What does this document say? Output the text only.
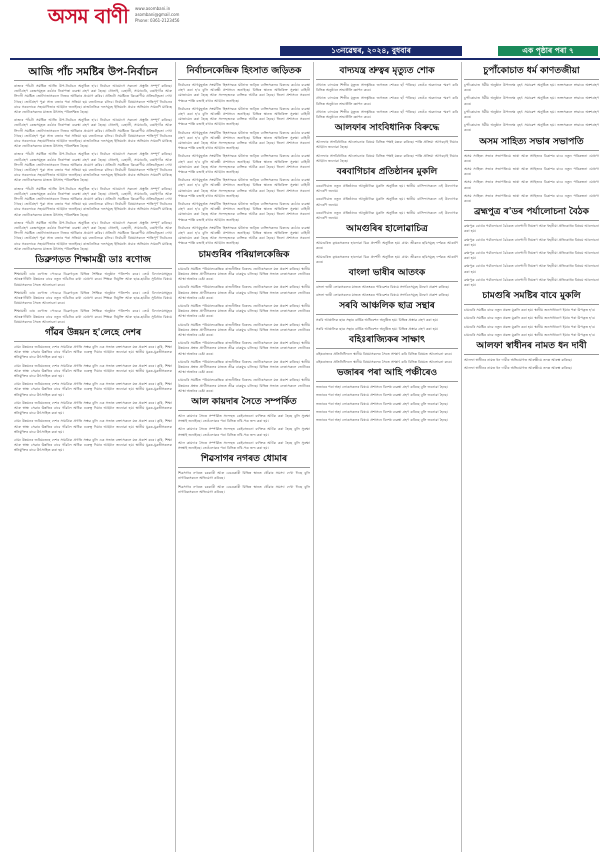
অসম বাণী www.asombani.in
asombani@gmail.com
Phone: 0361-2123456
১৩নৱেম্বৰ, ২০২৪, বুধবাৰ	এক পৃষ্ঠাৰ পৰা ৭
আজি পাঁচ সমষ্টিৰ উপ-নিৰ্বাচন

ৰাজ্যৰ পাঁচটা সমষ্টিত আজি উপ-নিৰ্বাচন অনুষ্ঠিত হ'ব। নিৰ্বাচন আয়োগে সকলো প্ৰস্তুতি সম্পূৰ্ণ কৰিছে। ভোটগ্ৰহণ কেন্দ্ৰসমূহত কঠোৰ নিৰাপত্তা ব্যৱস্থা গ্ৰহণ কৰা হৈছে। ধোলাই, বেহালী, সামাগুৰি, বঙাইগাঁও আৰু সিদলী সমষ্টিত ভোটদাতাসকলে নিজৰ অধিকাৰ প্ৰয়োগ কৰিব। প্ৰতিটো সমষ্টিতে ত্ৰিকোণীয় প্ৰতিদ্বন্দ্বিতা দেখা গৈছে। ভোটগ্ৰহণ পুৱা সাত বজাৰ পৰা সন্ধিয়া ছয় বজালৈকে চলিব। নিৰ্বাচনী বিষয়াসকলে শান্তিপূৰ্ণ নিৰ্বাচনৰ বাবে সকলোকে সহযোগিতাৰ আহ্বান জনাইছে। ৰাজনৈতিক দলসমূহে ইতিমধ্যে প্ৰচাৰ অভিযান সামৰণি মাৰিছে আৰু ভোটাৰসকলৰ মাজত উৎসাহ পৰিলক্ষিত হৈছে।

ৰাজ্যৰ পাঁচটা সমষ্টিত আজি উপ-নিৰ্বাচন অনুষ্ঠিত হ'ব। নিৰ্বাচন আয়োগে সকলো প্ৰস্তুতি সম্পূৰ্ণ কৰিছে। ভোটগ্ৰহণ কেন্দ্ৰসমূহত কঠোৰ নিৰাপত্তা ব্যৱস্থা গ্ৰহণ কৰা হৈছে। ধোলাই, বেহালী, সামাগুৰি, বঙাইগাঁও আৰু সিদলী সমষ্টিত ভোটদাতাসকলে নিজৰ অধিকাৰ প্ৰয়োগ কৰিব। প্ৰতিটো সমষ্টিতে ত্ৰিকোণীয় প্ৰতিদ্বন্দ্বিতা দেখা গৈছে। ভোটগ্ৰহণ পুৱা সাত বজাৰ পৰা সন্ধিয়া ছয় বজালৈকে চলিব। নিৰ্বাচনী বিষয়াসকলে শান্তিপূৰ্ণ নিৰ্বাচনৰ বাবে সকলোকে সহযোগিতাৰ আহ্বান জনাইছে। ৰাজনৈতিক দলসমূহে ইতিমধ্যে প্ৰচাৰ অভিযান সামৰণি মাৰিছে আৰু ভোটাৰসকলৰ মাজত উৎসাহ পৰিলক্ষিত হৈছে।

ৰাজ্যৰ পাঁচটা সমষ্টিত আজি উপ-নিৰ্বাচন অনুষ্ঠিত হ'ব। নিৰ্বাচন আয়োগে সকলো প্ৰস্তুতি সম্পূৰ্ণ কৰিছে। ভোটগ্ৰহণ কেন্দ্ৰসমূহত কঠোৰ নিৰাপত্তা ব্যৱস্থা গ্ৰহণ কৰা হৈছে। ধোলাই, বেহালী, সামাগুৰি, বঙাইগাঁও আৰু সিদলী সমষ্টিত ভোটদাতাসকলে নিজৰ অধিকাৰ প্ৰয়োগ কৰিব। প্ৰতিটো সমষ্টিতে ত্ৰিকোণীয় প্ৰতিদ্বন্দ্বিতা দেখা গৈছে। ভোটগ্ৰহণ পুৱা সাত বজাৰ পৰা সন্ধিয়া ছয় বজালৈকে চলিব। নিৰ্বাচনী বিষয়াসকলে শান্তিপূৰ্ণ নিৰ্বাচনৰ বাবে সকলোকে সহযোগিতাৰ আহ্বান জনাইছে। ৰাজনৈতিক দলসমূহে ইতিমধ্যে প্ৰচাৰ অভিযান সামৰণি মাৰিছে আৰু ভোটাৰসকলৰ মাজত উৎসাহ পৰিলক্ষিত হৈছে।

ৰাজ্যৰ পাঁচটা সমষ্টিত আজি উপ-নিৰ্বাচন অনুষ্ঠিত হ'ব। নিৰ্বাচন আয়োগে সকলো প্ৰস্তুতি সম্পূৰ্ণ কৰিছে। ভোটগ্ৰহণ কেন্দ্ৰসমূহত কঠোৰ নিৰাপত্তা ব্যৱস্থা গ্ৰহণ কৰা হৈছে। ধোলাই, বেহালী, সামাগুৰি, বঙাইগাঁও আৰু সিদলী সমষ্টিত ভোটদাতাসকলে নিজৰ অধিকাৰ প্ৰয়োগ কৰিব। প্ৰতিটো সমষ্টিতে ত্ৰিকোণীয় প্ৰতিদ্বন্দ্বিতা দেখা গৈছে। ভোটগ্ৰহণ পুৱা সাত বজাৰ পৰা সন্ধিয়া ছয় বজালৈকে চলিব। নিৰ্বাচনী বিষয়াসকলে শান্তিপূৰ্ণ নিৰ্বাচনৰ বাবে সকলোকে সহযোগিতাৰ আহ্বান জনাইছে। ৰাজনৈতিক দলসমূহে ইতিমধ্যে প্ৰচাৰ অভিযান সামৰণি মাৰিছে আৰু ভোটাৰসকলৰ মাজত উৎসাহ পৰিলক্ষিত হৈছে।

ৰাজ্যৰ পাঁচটা সমষ্টিত আজি উপ-নিৰ্বাচন অনুষ্ঠিত হ'ব। নিৰ্বাচন আয়োগে সকলো প্ৰস্তুতি সম্পূৰ্ণ কৰিছে। ভোটগ্ৰহণ কেন্দ্ৰসমূহত কঠোৰ নিৰাপত্তা ব্যৱস্থা গ্ৰহণ কৰা হৈছে। ধোলাই, বেহালী, সামাগুৰি, বঙাইগাঁও আৰু সিদলী সমষ্টিত ভোটদাতাসকলে নিজৰ অধিকাৰ প্ৰয়োগ কৰিব। প্ৰতিটো সমষ্টিতে ত্ৰিকোণীয় প্ৰতিদ্বন্দ্বিতা দেখা গৈছে। ভোটগ্ৰহণ পুৱা সাত বজাৰ পৰা সন্ধিয়া ছয় বজালৈকে চলিব। নিৰ্বাচনী বিষয়াসকলে শান্তিপূৰ্ণ নিৰ্বাচনৰ বাবে সকলোকে সহযোগিতাৰ আহ্বান জনাইছে। ৰাজনৈতিক দলসমূহে ইতিমধ্যে প্ৰচাৰ অভিযান সামৰণি মাৰিছে আৰু ভোটাৰসকলৰ মাজত উৎসাহ পৰিলক্ষিত হৈছে।

ডিব্ৰুগড়ত শিক্ষামন্ত্ৰী ডাঃ ৰণোজ

শিক্ষামন্ত্ৰী ডাঃ ৰণোজ পেগুৱে ডিব্ৰুগড়ত বিভিন্ন শৈক্ষিক অনুষ্ঠান পৰিদৰ্শন কৰে। তেওঁ বিদ্যালয়সমূহৰ আন্তঃগাঁথনি উন্নয়নৰ বাবে নতুন আঁচনিৰ কথা ঘোষণা কৰে। শিক্ষক নিযুক্তি আৰু ছাত্ৰ-ছাত্ৰীৰ সুবিধাৰ বিষয়ে বিষয়াসকলৰ সৈতে আলোচনা কৰে।

শিক্ষামন্ত্ৰী ডাঃ ৰণোজ পেগুৱে ডিব্ৰুগড়ত বিভিন্ন শৈক্ষিক অনুষ্ঠান পৰিদৰ্শন কৰে। তেওঁ বিদ্যালয়সমূহৰ আন্তঃগাঁথনি উন্নয়নৰ বাবে নতুন আঁচনিৰ কথা ঘোষণা কৰে। শিক্ষক নিযুক্তি আৰু ছাত্ৰ-ছাত্ৰীৰ সুবিধাৰ বিষয়ে বিষয়াসকলৰ সৈতে আলোচনা কৰে।

শিক্ষামন্ত্ৰী ডাঃ ৰণোজ পেগুৱে ডিব্ৰুগড়ত বিভিন্ন শৈক্ষিক অনুষ্ঠান পৰিদৰ্শন কৰে। তেওঁ বিদ্যালয়সমূহৰ আন্তঃগাঁথনি উন্নয়নৰ বাবে নতুন আঁচনিৰ কথা ঘোষণা কৰে। শিক্ষক নিযুক্তি আৰু ছাত্ৰ-ছাত্ৰীৰ সুবিধাৰ বিষয়ে বিষয়াসকলৰ সৈতে আলোচনা কৰে।

গাঁৱৰ উন্নয়ন হ'লেহে দেশৰ

গ্ৰাম্য উন্নয়নৰ জৰিয়তেহে দেশৰ সামগ্ৰিক প্ৰগতি সম্ভৱ বুলি এক সভাত বক্তাসকলে মত প্ৰকাশ কৰে। কৃষি, শিক্ষা আৰু স্বাস্থ্য সেৱাৰ উন্নতিৰ বাবে গাঁৱলৈ অধিক গুৰুত্ব দিয়াৰ আহ্বান জনোৱা হয়। স্থানীয় যুৱক-যুৱতীসকলক স্বনিযুক্তিৰ বাবে উৎসাহিত কৰা হয়।

গ্ৰাম্য উন্নয়নৰ জৰিয়তেহে দেশৰ সামগ্ৰিক প্ৰগতি সম্ভৱ বুলি এক সভাত বক্তাসকলে মত প্ৰকাশ কৰে। কৃষি, শিক্ষা আৰু স্বাস্থ্য সেৱাৰ উন্নতিৰ বাবে গাঁৱলৈ অধিক গুৰুত্ব দিয়াৰ আহ্বান জনোৱা হয়। স্থানীয় যুৱক-যুৱতীসকলক স্বনিযুক্তিৰ বাবে উৎসাহিত কৰা হয়।

গ্ৰাম্য উন্নয়নৰ জৰিয়তেহে দেশৰ সামগ্ৰিক প্ৰগতি সম্ভৱ বুলি এক সভাত বক্তাসকলে মত প্ৰকাশ কৰে। কৃষি, শিক্ষা আৰু স্বাস্থ্য সেৱাৰ উন্নতিৰ বাবে গাঁৱলৈ অধিক গুৰুত্ব দিয়াৰ আহ্বান জনোৱা হয়। স্থানীয় যুৱক-যুৱতীসকলক স্বনিযুক্তিৰ বাবে উৎসাহিত কৰা হয়।

গ্ৰাম্য উন্নয়নৰ জৰিয়তেহে দেশৰ সামগ্ৰিক প্ৰগতি সম্ভৱ বুলি এক সভাত বক্তাসকলে মত প্ৰকাশ কৰে। কৃষি, শিক্ষা আৰু স্বাস্থ্য সেৱাৰ উন্নতিৰ বাবে গাঁৱলৈ অধিক গুৰুত্ব দিয়াৰ আহ্বান জনোৱা হয়। স্থানীয় যুৱক-যুৱতীসকলক স্বনিযুক্তিৰ বাবে উৎসাহিত কৰা হয়।

গ্ৰাম্য উন্নয়নৰ জৰিয়তেহে দেশৰ সামগ্ৰিক প্ৰগতি সম্ভৱ বুলি এক সভাত বক্তাসকলে মত প্ৰকাশ কৰে। কৃষি, শিক্ষা আৰু স্বাস্থ্য সেৱাৰ উন্নতিৰ বাবে গাঁৱলৈ অধিক গুৰুত্ব দিয়াৰ আহ্বান জনোৱা হয়। স্থানীয় যুৱক-যুৱতীসকলক স্বনিযুক্তিৰ বাবে উৎসাহিত কৰা হয়।

গ্ৰাম্য উন্নয়নৰ জৰিয়তেহে দেশৰ সামগ্ৰিক প্ৰগতি সম্ভৱ বুলি এক সভাত বক্তাসকলে মত প্ৰকাশ কৰে। কৃষি, শিক্ষা আৰু স্বাস্থ্য সেৱাৰ উন্নতিৰ বাবে গাঁৱলৈ অধিক গুৰুত্ব দিয়াৰ আহ্বান জনোৱা হয়। স্থানীয় যুৱক-যুৱতীসকলক স্বনিযুক্তিৰ বাবে উৎসাহিত কৰা হয়।

নিৰ্বাচনকেন্দ্ৰিক হিংসাত জড়িতক

নিৰ্বাচনৰ আগমুহূৰ্তত সংঘটিত হিংসাত্মক ঘটনাত জড়িত ব্যক্তিসকলৰ বিৰুদ্ধে কঠোৰ ব্যৱস্থা গ্ৰহণ কৰা হ'ব বুলি আৰক্ষী প্ৰশাসনে জনাইছে। বিভিন্ন স্থানত অতিৰিক্ত সুৰক্ষা বাহিনী মোতায়েন কৰা হৈছে আৰু সন্দেহজনক ব্যক্তিক আটক কৰা হৈছে। জিলা প্ৰশাসনে সকলো পক্ষকে শান্তি বজাই ৰখাৰ আহ্বান জনাইছে।

নিৰ্বাচনৰ আগমুহূৰ্তত সংঘটিত হিংসাত্মক ঘটনাত জড়িত ব্যক্তিসকলৰ বিৰুদ্ধে কঠোৰ ব্যৱস্থা গ্ৰহণ কৰা হ'ব বুলি আৰক্ষী প্ৰশাসনে জনাইছে। বিভিন্ন স্থানত অতিৰিক্ত সুৰক্ষা বাহিনী মোতায়েন কৰা হৈছে আৰু সন্দেহজনক ব্যক্তিক আটক কৰা হৈছে। জিলা প্ৰশাসনে সকলো পক্ষকে শান্তি বজাই ৰখাৰ আহ্বান জনাইছে।

নিৰ্বাচনৰ আগমুহূৰ্তত সংঘটিত হিংসাত্মক ঘটনাত জড়িত ব্যক্তিসকলৰ বিৰুদ্ধে কঠোৰ ব্যৱস্থা গ্ৰহণ কৰা হ'ব বুলি আৰক্ষী প্ৰশাসনে জনাইছে। বিভিন্ন স্থানত অতিৰিক্ত সুৰক্ষা বাহিনী মোতায়েন কৰা হৈছে আৰু সন্দেহজনক ব্যক্তিক আটক কৰা হৈছে। জিলা প্ৰশাসনে সকলো পক্ষকে শান্তি বজাই ৰখাৰ আহ্বান জনাইছে।

নিৰ্বাচনৰ আগমুহূৰ্তত সংঘটিত হিংসাত্মক ঘটনাত জড়িত ব্যক্তিসকলৰ বিৰুদ্ধে কঠোৰ ব্যৱস্থা গ্ৰহণ কৰা হ'ব বুলি আৰক্ষী প্ৰশাসনে জনাইছে। বিভিন্ন স্থানত অতিৰিক্ত সুৰক্ষা বাহিনী মোতায়েন কৰা হৈছে আৰু সন্দেহজনক ব্যক্তিক আটক কৰা হৈছে। জিলা প্ৰশাসনে সকলো পক্ষকে শান্তি বজাই ৰখাৰ আহ্বান জনাইছে।

নিৰ্বাচনৰ আগমুহূৰ্তত সংঘটিত হিংসাত্মক ঘটনাত জড়িত ব্যক্তিসকলৰ বিৰুদ্ধে কঠোৰ ব্যৱস্থা গ্ৰহণ কৰা হ'ব বুলি আৰক্ষী প্ৰশাসনে জনাইছে। বিভিন্ন স্থানত অতিৰিক্ত সুৰক্ষা বাহিনী মোতায়েন কৰা হৈছে আৰু সন্দেহজনক ব্যক্তিক আটক কৰা হৈছে। জিলা প্ৰশাসনে সকলো পক্ষকে শান্তি বজাই ৰখাৰ আহ্বান জনাইছে।

নিৰ্বাচনৰ আগমুহূৰ্তত সংঘটিত হিংসাত্মক ঘটনাত জড়িত ব্যক্তিসকলৰ বিৰুদ্ধে কঠোৰ ব্যৱস্থা গ্ৰহণ কৰা হ'ব বুলি আৰক্ষী প্ৰশাসনে জনাইছে। বিভিন্ন স্থানত অতিৰিক্ত সুৰক্ষা বাহিনী মোতায়েন কৰা হৈছে আৰু সন্দেহজনক ব্যক্তিক আটক কৰা হৈছে। জিলা প্ৰশাসনে সকলো পক্ষকে শান্তি বজাই ৰখাৰ আহ্বান জনাইছে।

নিৰ্বাচনৰ আগমুহূৰ্তত সংঘটিত হিংসাত্মক ঘটনাত জড়িত ব্যক্তিসকলৰ বিৰুদ্ধে কঠোৰ ব্যৱস্থা গ্ৰহণ কৰা হ'ব বুলি আৰক্ষী প্ৰশাসনে জনাইছে। বিভিন্ন স্থানত অতিৰিক্ত সুৰক্ষা বাহিনী মোতায়েন কৰা হৈছে আৰু সন্দেহজনক ব্যক্তিক আটক কৰা হৈছে। জিলা প্ৰশাসনে সকলো পক্ষকে শান্তি বজাই ৰখাৰ আহ্বান জনাইছে।

চামগুৰিৰ পৰিয়ালকেন্দ্ৰিক

চামগুৰি সমষ্টিত পৰিয়ালকেন্দ্ৰিক ৰাজনীতিৰ বিৰুদ্ধে ভোটাৰসকলে মত প্ৰকাশ কৰিছে। স্থানীয় উন্নয়নৰ প্ৰশ্নত প্ৰাৰ্থীসকলৰ মাজত তীব্ৰ বাকযুদ্ধ চলিছে। বিভিন্ন সভাত নেতাসকলে ভোটাৰৰ আস্থা অৰ্জনৰ চেষ্টা কৰে।

চামগুৰি সমষ্টিত পৰিয়ালকেন্দ্ৰিক ৰাজনীতিৰ বিৰুদ্ধে ভোটাৰসকলে মত প্ৰকাশ কৰিছে। স্থানীয় উন্নয়নৰ প্ৰশ্নত প্ৰাৰ্থীসকলৰ মাজত তীব্ৰ বাকযুদ্ধ চলিছে। বিভিন্ন সভাত নেতাসকলে ভোটাৰৰ আস্থা অৰ্জনৰ চেষ্টা কৰে।

চামগুৰি সমষ্টিত পৰিয়ালকেন্দ্ৰিক ৰাজনীতিৰ বিৰুদ্ধে ভোটাৰসকলে মত প্ৰকাশ কৰিছে। স্থানীয় উন্নয়নৰ প্ৰশ্নত প্ৰাৰ্থীসকলৰ মাজত তীব্ৰ বাকযুদ্ধ চলিছে। বিভিন্ন সভাত নেতাসকলে ভোটাৰৰ আস্থা অৰ্জনৰ চেষ্টা কৰে।

চামগুৰি সমষ্টিত পৰিয়ালকেন্দ্ৰিক ৰাজনীতিৰ বিৰুদ্ধে ভোটাৰসকলে মত প্ৰকাশ কৰিছে। স্থানীয় উন্নয়নৰ প্ৰশ্নত প্ৰাৰ্থীসকলৰ মাজত তীব্ৰ বাকযুদ্ধ চলিছে। বিভিন্ন সভাত নেতাসকলে ভোটাৰৰ আস্থা অৰ্জনৰ চেষ্টা কৰে।

চামগুৰি সমষ্টিত পৰিয়ালকেন্দ্ৰিক ৰাজনীতিৰ বিৰুদ্ধে ভোটাৰসকলে মত প্ৰকাশ কৰিছে। স্থানীয় উন্নয়নৰ প্ৰশ্নত প্ৰাৰ্থীসকলৰ মাজত তীব্ৰ বাকযুদ্ধ চলিছে। বিভিন্ন সভাত নেতাসকলে ভোটাৰৰ আস্থা অৰ্জনৰ চেষ্টা কৰে।

চামগুৰি সমষ্টিত পৰিয়ালকেন্দ্ৰিক ৰাজনীতিৰ বিৰুদ্ধে ভোটাৰসকলে মত প্ৰকাশ কৰিছে। স্থানীয় উন্নয়নৰ প্ৰশ্নত প্ৰাৰ্থীসকলৰ মাজত তীব্ৰ বাকযুদ্ধ চলিছে। বিভিন্ন সভাত নেতাসকলে ভোটাৰৰ আস্থা অৰ্জনৰ চেষ্টা কৰে।

চামগুৰি সমষ্টিত পৰিয়ালকেন্দ্ৰিক ৰাজনীতিৰ বিৰুদ্ধে ভোটাৰসকলে মত প্ৰকাশ কৰিছে। স্থানীয় উন্নয়নৰ প্ৰশ্নত প্ৰাৰ্থীসকলৰ মাজত তীব্ৰ বাকযুদ্ধ চলিছে। বিভিন্ন সভাত নেতাসকলে ভোটাৰৰ আস্থা অৰ্জনৰ চেষ্টা কৰে।

আল কায়দাৰ সৈতে সম্পৰ্কিত

আল কায়দাৰ সৈতে সম্পৰ্কিত সন্দেহত কেইবাজনো ব্যক্তিক আটক কৰা হৈছে বুলি সুৰক্ষা সংস্থাই জনাইছে। তেওঁলোকৰ পৰা বিভিন্ন নথি-পত্ৰ জব্দ কৰা হয়।

আল কায়দাৰ সৈতে সম্পৰ্কিত সন্দেহত কেইবাজনো ব্যক্তিক আটক কৰা হৈছে বুলি সুৰক্ষা সংস্থাই জনাইছে। তেওঁলোকৰ পৰা বিভিন্ন নথি-পত্ৰ জব্দ কৰা হয়।

আল কায়দাৰ সৈতে সম্পৰ্কিত সন্দেহত কেইবাজনো ব্যক্তিক আটক কৰা হৈছে বুলি সুৰক্ষা সংস্থাই জনাইছে। তেওঁলোকৰ পৰা বিভিন্ন নথি-পত্ৰ জব্দ কৰা হয়।

শিৱসাগৰ নগৰত ধোমাৰ

শিৱসাগৰ নগৰত চৰকাৰী আৰু বেচৰকাৰী বিভিন্ন স্থানত ধোঁৱাৰ সমস্যা দেখা দিছে বুলি নাগৰিকসকলে অভিযোগ কৰিছে।

শিৱসাগৰ নগৰত চৰকাৰী আৰু বেচৰকাৰী বিভিন্ন স্থানত ধোঁৱাৰ সমস্যা দেখা দিছে বুলি নাগৰিকসকলে অভিযোগ কৰিছে।

বাদ্যযন্ত্ৰ শ্ৰুত্বৰ মৃত্যুত শোক

প্ৰখ্যাত বাদ্যযন্ত্ৰ শিল্পীৰ মৃত্যুত সাংস্কৃতিক জগতত শোকৰ ছাঁ পৰিছে। তেওঁৰ অৱদানক স্মৰণ কৰি বিভিন্ন অনুষ্ঠানে শ্ৰদ্ধাঞ্জলি জ্ঞাপন কৰে।

প্ৰখ্যাত বাদ্যযন্ত্ৰ শিল্পীৰ মৃত্যুত সাংস্কৃতিক জগতত শোকৰ ছাঁ পৰিছে। তেওঁৰ অৱদানক স্মৰণ কৰি বিভিন্ন অনুষ্ঠানে শ্ৰদ্ধাঞ্জলি জ্ঞাপন কৰে।

প্ৰখ্যাত বাদ্যযন্ত্ৰ শিল্পীৰ মৃত্যুত সাংস্কৃতিক জগতত শোকৰ ছাঁ পৰিছে। তেওঁৰ অৱদানক স্মৰণ কৰি বিভিন্ন অনুষ্ঠানে শ্ৰদ্ধাঞ্জলি জ্ঞাপন কৰে।

আলফাৰ সাংবিধানিক বিৰুদ্ধে

আলফাৰ সাংবিধানিক আলোচনাৰ বিষয়ে বিভিন্ন পক্ষই মন্তব্য কৰিছে। শান্তি প্ৰক্ৰিয়া আগবঢ়াই নিয়াৰ আহ্বান জনোৱা হৈছে।

আলফাৰ সাংবিধানিক আলোচনাৰ বিষয়ে বিভিন্ন পক্ষই মন্তব্য কৰিছে। শান্তি প্ৰক্ৰিয়া আগবঢ়াই নিয়াৰ আহ্বান জনোৱা হৈছে।

বৰবাগিচাৰ প্ৰতিষ্ঠানৰ মুকলি

বৰবাগিচাত নতুন প্ৰতিষ্ঠানৰ আনুষ্ঠানিক মুকলি অনুষ্ঠিত হয়। স্থানীয় বাসিন্দাসকলে এই উদ্যোগক আদৰণি জনায়।

বৰবাগিচাত নতুন প্ৰতিষ্ঠানৰ আনুষ্ঠানিক মুকলি অনুষ্ঠিত হয়। স্থানীয় বাসিন্দাসকলে এই উদ্যোগক আদৰণি জনায়।

বৰবাগিচাত নতুন প্ৰতিষ্ঠানৰ আনুষ্ঠানিক মুকলি অনুষ্ঠিত হয়। স্থানীয় বাসিন্দাসকলে এই উদ্যোগক আদৰণি জনায়।

আমগুৰিৰ হালোৱাচিত্ৰ

আমগুৰিত কৃষকসকলৰ হালোৱা চিত্ৰ প্ৰদৰ্শনী অনুষ্ঠিত হয়। গ্ৰাম্য জীৱনৰ ছবিসমূহে দৰ্শকক আকৰ্ষণ কৰে।

আমগুৰিত কৃষকসকলৰ হালোৱা চিত্ৰ প্ৰদৰ্শনী অনুষ্ঠিত হয়। গ্ৰাম্য জীৱনৰ ছবিসমূহে দৰ্শকক আকৰ্ষণ কৰে।

বাংলা ভাষীৰ আতংক

বাংলা ভাষী লোকসকলৰ মাজত আতংকৰ পৰিৱেশৰ বিষয়ে সংগঠনসমূহে উদ্বেগ প্ৰকাশ কৰিছে।

বাংলা ভাষী লোকসকলৰ মাজত আতংকৰ পৰিৱেশৰ বিষয়ে সংগঠনসমূহে উদ্বেগ প্ৰকাশ কৰিছে।

সৰবি আঞ্চলিক ছাত্ৰ সন্থাৰ

সৰবি আঞ্চলিক ছাত্ৰ সন্থাৰ বাৰ্ষিক অধিবেশন অনুষ্ঠিত হয়। বিভিন্ন প্ৰস্তাৱ গ্ৰহণ কৰা হয়।

সৰবি আঞ্চলিক ছাত্ৰ সন্থাৰ বাৰ্ষিক অধিবেশন অনুষ্ঠিত হয়। বিভিন্ন প্ৰস্তাৱ গ্ৰহণ কৰা হয়।

বহিঃৰাজ্যিকৰ সাক্ষাৎ

বহিঃৰাজ্যৰ প্ৰতিনিধিদলে স্থানীয় বিষয়াসকলৰ সৈতে সাক্ষাৎ কৰি বিভিন্ন বিষয়ত আলোচনা কৰে।

বহিঃৰাজ্যৰ প্ৰতিনিধিদলে স্থানীয় বিষয়াসকলৰ সৈতে সাক্ষাৎ কৰি বিভিন্ন বিষয়ত আলোচনা কৰে।

ভজাৰৰ পৰা আহি পঞ্চীৰেও

ভজাৰৰ পৰা অহা লোকসকলৰ বিষয়ে প্ৰশাসনে বিশেষ ব্যৱস্থা গ্ৰহণ কৰিছে বুলি জনোৱা হৈছে।

ভজাৰৰ পৰা অহা লোকসকলৰ বিষয়ে প্ৰশাসনে বিশেষ ব্যৱস্থা গ্ৰহণ কৰিছে বুলি জনোৱা হৈছে।

ভজাৰৰ পৰা অহা লোকসকলৰ বিষয়ে প্ৰশাসনে বিশেষ ব্যৱস্থা গ্ৰহণ কৰিছে বুলি জনোৱা হৈছে।

ভজাৰৰ পৰা অহা লোকসকলৰ বিষয়ে প্ৰশাসনে বিশেষ ব্যৱস্থা গ্ৰহণ কৰিছে বুলি জনোৱা হৈছে।

ভজাৰৰ পৰা অহা লোকসকলৰ বিষয়ে প্ৰশাসনে বিশেষ ব্যৱস্থা গ্ৰহণ কৰিছে বুলি জনোৱা হৈছে।

চুপাঁকোচাত ধৰ্ম কাণতজীয়া

চুপাঁকোচাত ধৰ্মীয় অনুষ্ঠান উপলক্ষে বৃহৎ সমাৱেশ অনুষ্ঠিত হয়। ভক্তসকলে শ্ৰদ্ধাৰে অংশগ্ৰহণ কৰে।

চুপাঁকোচাত ধৰ্মীয় অনুষ্ঠান উপলক্ষে বৃহৎ সমাৱেশ অনুষ্ঠিত হয়। ভক্তসকলে শ্ৰদ্ধাৰে অংশগ্ৰহণ কৰে।

চুপাঁকোচাত ধৰ্মীয় অনুষ্ঠান উপলক্ষে বৃহৎ সমাৱেশ অনুষ্ঠিত হয়। ভক্তসকলে শ্ৰদ্ধাৰে অংশগ্ৰহণ কৰে।

চুপাঁকোচাত ধৰ্মীয় অনুষ্ঠান উপলক্ষে বৃহৎ সমাৱেশ অনুষ্ঠিত হয়। ভক্তসকলে শ্ৰদ্ধাৰে অংশগ্ৰহণ কৰে।

অসম সাহিত্য সভাৰ সভাপতি

অসম সাহিত্য সভাৰ সভাপতিয়ে ভাষা আৰু সাহিত্যৰ বিকাশৰ বাবে নতুন পৰিকল্পনা ঘোষণা কৰে।

অসম সাহিত্য সভাৰ সভাপতিয়ে ভাষা আৰু সাহিত্যৰ বিকাশৰ বাবে নতুন পৰিকল্পনা ঘোষণা কৰে।

অসম সাহিত্য সভাৰ সভাপতিয়ে ভাষা আৰু সাহিত্যৰ বিকাশৰ বাবে নতুন পৰিকল্পনা ঘোষণা কৰে।

অসম সাহিত্য সভাৰ সভাপতিয়ে ভাষা আৰু সাহিত্যৰ বিকাশৰ বাবে নতুন পৰিকল্পনা ঘোষণা কৰে।

ব্ৰহ্মপুত্ৰ ৰ'ডৰ পৰ্যালোচনা বৈঠক

ব্ৰহ্মপুত্ৰ বোৰ্ডৰ পৰ্যালোচনা বৈঠকত বানপানী নিয়ন্ত্ৰণ আৰু খহনীয়া প্ৰতিৰোধৰ বিষয়ে আলোচনা কৰা হয়।

ব্ৰহ্মপুত্ৰ বোৰ্ডৰ পৰ্যালোচনা বৈঠকত বানপানী নিয়ন্ত্ৰণ আৰু খহনীয়া প্ৰতিৰোধৰ বিষয়ে আলোচনা কৰা হয়।

ব্ৰহ্মপুত্ৰ বোৰ্ডৰ পৰ্যালোচনা বৈঠকত বানপানী নিয়ন্ত্ৰণ আৰু খহনীয়া প্ৰতিৰোধৰ বিষয়ে আলোচনা কৰা হয়।

ব্ৰহ্মপুত্ৰ বোৰ্ডৰ পৰ্যালোচনা বৈঠকত বানপানী নিয়ন্ত্ৰণ আৰু খহনীয়া প্ৰতিৰোধৰ বিষয়ে আলোচনা কৰা হয়।

ব্ৰহ্মপুত্ৰ বোৰ্ডৰ পৰ্যালোচনা বৈঠকত বানপানী নিয়ন্ত্ৰণ আৰু খহনীয়া প্ৰতিৰোধৰ বিষয়ে আলোচনা কৰা হয়।

চামগুৰি সমষ্টিৰ বাবে মুকলি

চামগুৰি সমষ্টিৰ বাবে নতুন প্ৰকল্প মুকলি কৰা হয়। স্থানীয় জনসাধাৰণে ইয়াৰ পৰা উপকৃত হ'ব।

চামগুৰি সমষ্টিৰ বাবে নতুন প্ৰকল্প মুকলি কৰা হয়। স্থানীয় জনসাধাৰণে ইয়াৰ পৰা উপকৃত হ'ব।

চামগুৰি সমষ্টিৰ বাবে নতুন প্ৰকল্প মুকলি কৰা হয়। স্থানীয় জনসাধাৰণে ইয়াৰ পৰা উপকৃত হ'ব।

চামগুৰি সমষ্টিৰ বাবে নতুন প্ৰকল্প মুকলি কৰা হয়। স্থানীয় জনসাধাৰণে ইয়াৰ পৰা উপকৃত হ'ব।

আলফা স্বাধীনৰ নামত ধন দাবী

আলফা স্বাধীনৰ নামত ধন দাবীৰ অভিযোগত আৰক্ষীয়ে তদন্ত আৰম্ভ কৰিছে।

আলফা স্বাধীনৰ নামত ধন দাবীৰ অভিযোগত আৰক্ষীয়ে তদন্ত আৰম্ভ কৰিছে।
